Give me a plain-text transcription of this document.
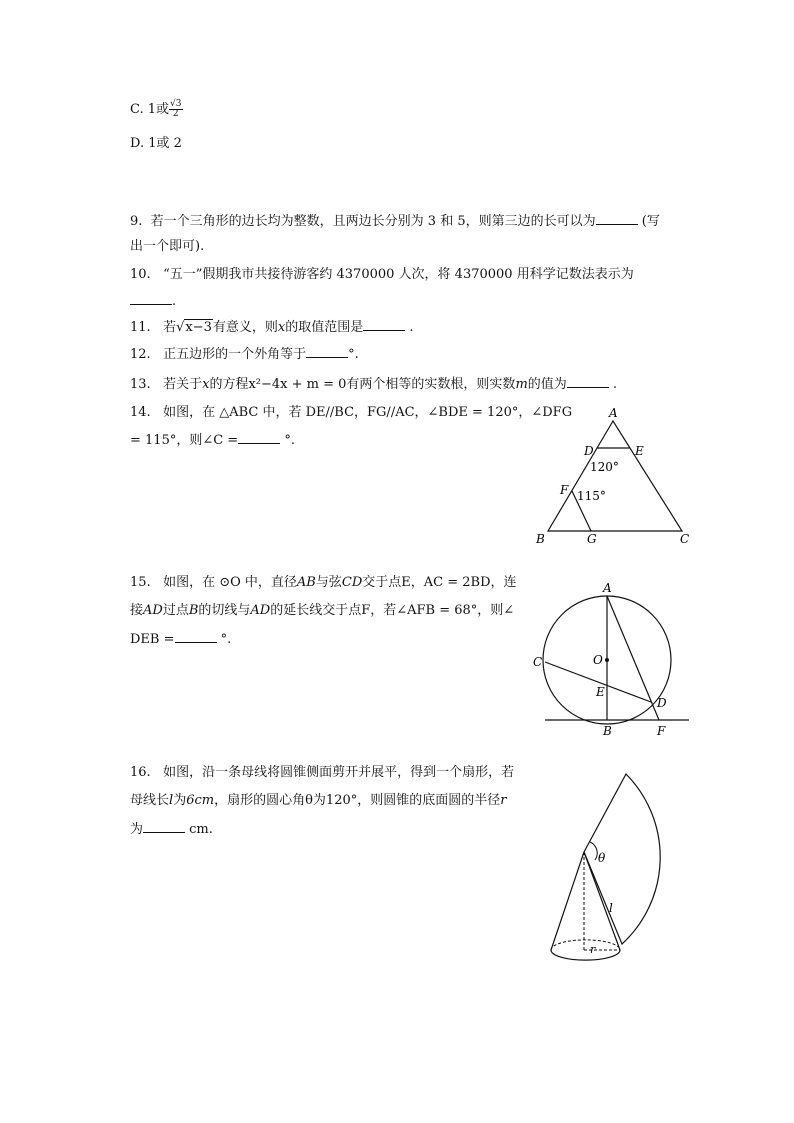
C. 1或 $\frac{√3}{2}$
D. 1或 2
9. 若一个三角形的边长均为整数，且两边长分别为 3 和 5，则第三边的长可以为	(写
出一个即可).
10. “五一”假期我市共接待游客约 4370000 人次，将 4370000 用科学记数法表示为
.
11. 若√x−3有意义，则x的取值范围是	.
12. 正五边形的一个外角等于	°.
13. 若关于x的方程x²−4x + m = 0有两个相等的实数根，则实数m的值为	.
14. 如图，在 △ABC 中，若 DE//BC，FG//AC，∠BDE = 120°，∠DFG
= 115°，则∠C =	°.
A
D	E
120°
F 115°
B	G	C
15. 如图，在 ⊙O 中，直径AB与弦CD交于点E，AC = 2BD，连
接AD过点B的切线与AD的延长线交于点F，若∠AFB = 68°，则∠
DEB =	°.
A
O
C
E
D
B	F
16. 如图，沿一条母线将圆锥侧面剪开并展平，得到一个扇形，若
母线长l为6cm，扇形的圆心角θ为120°，则圆锥的底面圆的半径r
为	cm.
θ
l
r
